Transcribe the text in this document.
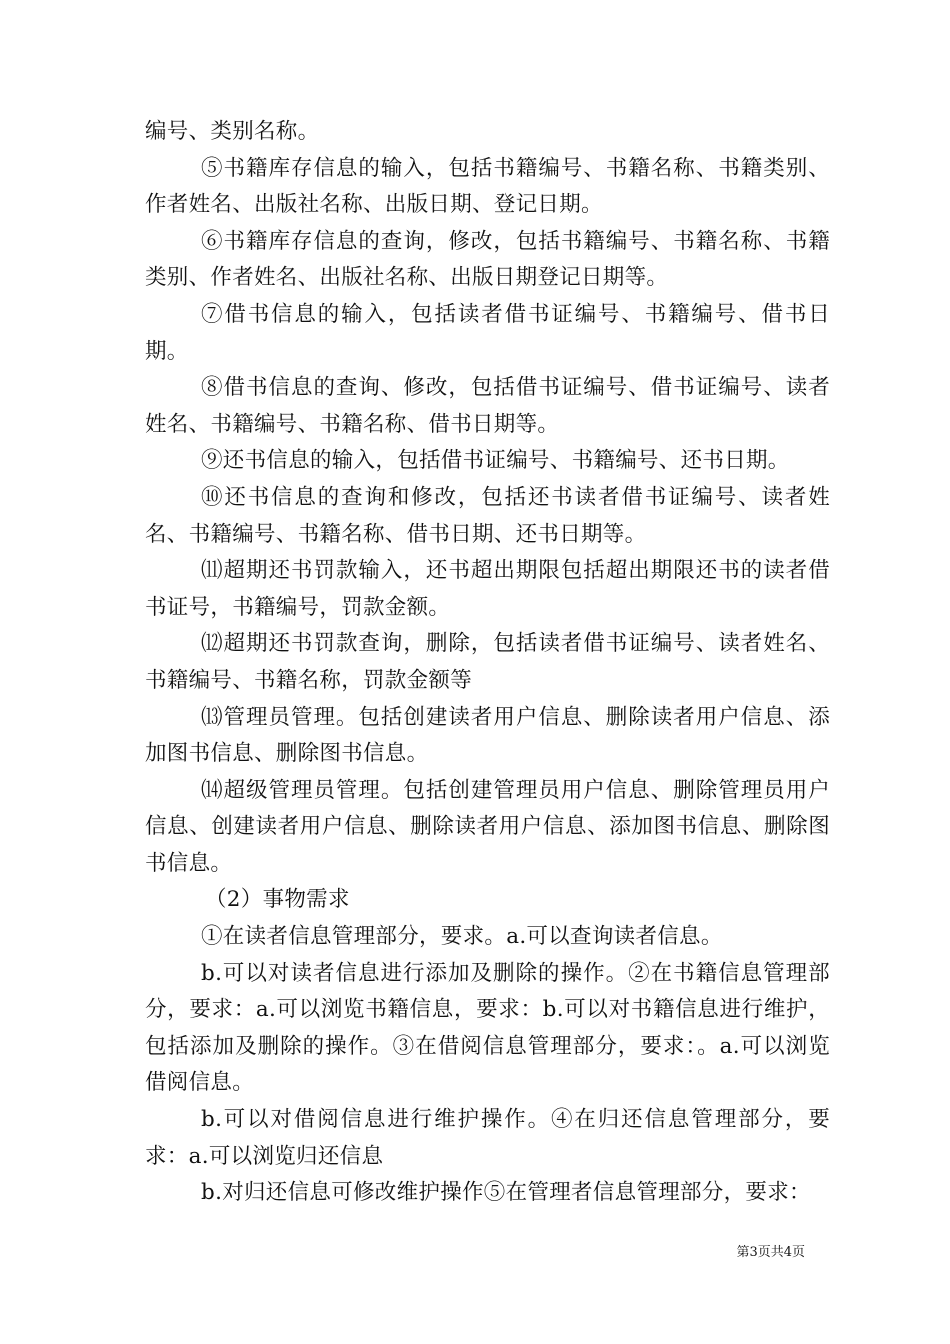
编号、类别名称。

⑤书籍库存信息的输入，包括书籍编号、书籍名称、书籍类别、作者姓名、出版社名称、出版日期、登记日期。

⑥书籍库存信息的查询，修改，包括书籍编号、书籍名称、书籍类别、作者姓名、出版社名称、出版日期登记日期等。

⑦借书信息的输入，包括读者借书证编号、书籍编号、借书日期。

⑧借书信息的查询、修改，包括借书证编号、借书证编号、读者姓名、书籍编号、书籍名称、借书日期等。

⑨还书信息的输入，包括借书证编号、书籍编号、还书日期。

⑩还书信息的查询和修改，包括还书读者借书证编号、读者姓名、书籍编号、书籍名称、借书日期、还书日期等。

⑾超期还书罚款输入，还书超出期限包括超出期限还书的读者借书证号，书籍编号，罚款金额。

⑿超期还书罚款查询，删除，包括读者借书证编号、读者姓名、书籍编号、书籍名称，罚款金额等

⒀管理员管理。包括创建读者用户信息、删除读者用户信息、添加图书信息、删除图书信息。

⒁超级管理员管理。包括创建管理员用户信息、删除管理员用户信息、创建读者用户信息、删除读者用户信息、添加图书信息、删除图书信息。

（2）事物需求

①在读者信息管理部分，要求。a.可以查询读者信息。

b.可以对读者信息进行添加及删除的操作。②在书籍信息管理部分，要求：a.可以浏览书籍信息，要求：b.可以对书籍信息进行维护，包括添加及删除的操作。③在借阅信息管理部分，要求：。a.可以浏览借阅信息。

b.可以对借阅信息进行维护操作。④在归还信息管理部分，要求：a.可以浏览归还信息

b.对归还信息可修改维护操作⑤在管理者信息管理部分，要求：

第3页共4页
